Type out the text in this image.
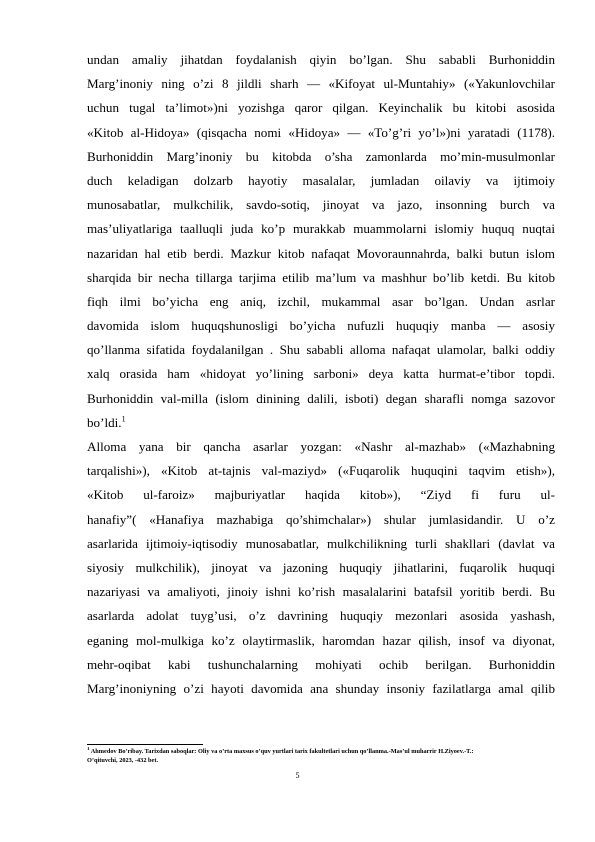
undan amaliy jihatdan foydalanish qiyin bo’lgan. Shu sababli Burhoniddin
Marg’inoniy ning o’zi 8 jildli sharh — «Kifoyat ul-Muntahiy» («Yakunlovchilar
uchun tugal ta’limot»)ni yozishga qaror qilgan. Keyinchalik bu kitobi asosida
«Kitob al-Hidoya» (qisqacha nomi «Hidoya» — «To’g’ri yo’l»)ni yaratadi (1178).
Burhoniddin Marg’inoniy bu kitobda o’sha zamonlarda mo’min-musulmonlar
duch keladigan dolzarb hayotiy masalalar, jumladan oilaviy va ijtimoiy
munosabatlar, mulkchilik, savdo-sotiq, jinoyat va jazo, insonning burch va
mas’uliyatlariga taalluqli juda ko’p murakkab muammolarni islomiy huquq nuqtai
nazaridan hal etib berdi. Mazkur kitob nafaqat Movoraunnahrda, balki butun islom
sharqida bir necha tillarga tarjima etilib ma’lum va mashhur bo’lib ketdi. Bu kitob
fiqh ilmi bo’yicha eng aniq, izchil, mukammal asar bo’lgan. Undan asrlar
davomida islom huquqshunosligi bo’yicha nufuzli huquqiy manba — asosiy
qo’llanma sifatida foydalanilgan . Shu sababli alloma nafaqat ulamolar, balki oddiy
xalq orasida ham «hidoyat yo’lining sarboni» deya katta hurmat-e’tibor topdi.
Burhoniddin val-milla (islom dinining dalili, isboti) degan sharafli nomga sazovor
bo’ldi.$^1$
Alloma yana bir qancha asarlar yozgan: «Nashr al-mazhab» («Mazhabning
tarqalishi»), «Kitob at-tajnis val-maziyd» («Fuqarolik huquqini taqvim etish»),
«Kitob ul-faroiz» majburiyatlar haqida kitob»), “Ziyd fi furu ul-
hanafiy”( «Hanafiya mazhabiga qo’shimchalar») shular jumlasidandir. U o’z
asarlarida ijtimoiy-iqtisodiy munosabatlar, mulkchilikning turli shakllari (davlat va
siyosiy mulkchilik), jinoyat va jazoning huquqiy jihatlarini, fuqarolik huquqi
nazariyasi va amaliyoti, jinoiy ishni ko’rish masalalarini batafsil yoritib berdi. Bu
asarlarda adolat tuyg’usi, o’z davrining huquqiy mezonlari asosida yashash,
eganing mol-mulkiga ko’z olaytirmaslik, haromdan hazar qilish, insof va diyonat,
mehr-oqibat kabi tushunchalarning mohiyati ochib berilgan. Burhoniddin
Marg’inoniyning o’zi hayoti davomida ana shunday insoniy fazilatlarga amal qilib
$^1$ Ahmedov Bo’ribay. Tarixdan saboqlar: Oliy va o’rta maxsus o’quv yurtlari tarix fakultetlari uchun qo’llanma.-Mas’ul muharrir H.Ziyoev.-T.:
O’qituvchi, 2023, -432 bet.
5
